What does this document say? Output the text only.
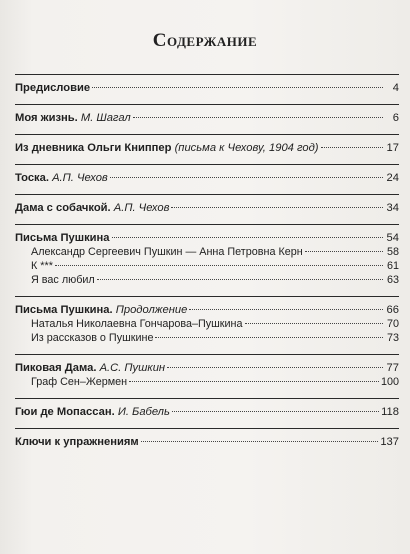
Содержание
Предисловие	4
Моя жизнь. М. Шагал	6
Из дневника Ольги Книппер (письма к Чехову, 1904 год)	17
Тоска. А.П. Чехов	24
Дама с собачкой. А.П. Чехов	34
Письма Пушкина	54
Александр Сергеевич Пушкин — Анна Петровна Керн	58
К ***	61
Я вас любил	63
Письма Пушкина. Продолжение	66
Наталья Николаевна Гончарова–Пушкина	70
Из рассказов о Пушкине	73
Пиковая Дама. А.С. Пушкин	77
Граф Сен–Жермен	100
Гюи де Мопассан. И. Бабель	118
Ключи к упражнениям	137
